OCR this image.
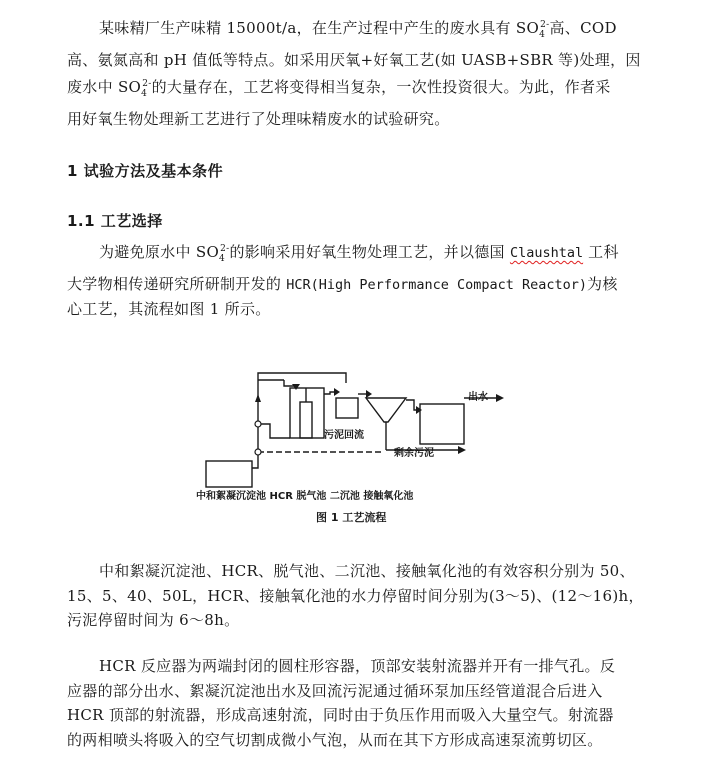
某味精厂生产味精 15000t/a，在生产过程中产生的废水具有 $SO_4^{2-}$高、COD
高、氨氮高和 pH 值低等特点。如采用厌氧+好氧工艺(如 UASB+SBR 等)处理，因
废水中 $SO_4^{2-}$的大量存在，工艺将变得相当复杂，一次性投资很大。为此，作者采
用好氧生物处理新工艺进行了处理味精废水的试验研究。

1 试验方法及基本条件
1.1 工艺选择

为避免原水中 $SO_4^{2-}$的影响采用好氧生物处理工艺，并以德国 Claushtal 工科
大学物相传递研究所研制开发的 HCR(High Performance Compact Reactor)为核
心工艺，其流程如图 1 所示。

出水
污泥回流
剩余污泥
中和絮凝沉淀池 HCR 脱气池 二沉池 接触氧化池
图 1 工艺流程

中和絮凝沉淀池、HCR、脱气池、二沉池、接触氧化池的有效容积分别为 50、
15、5、40、50L，HCR、接触氧化池的水力停留时间分别为(3～5)、(12～16)h，
污泥停留时间为 6～8h。

HCR 反应器为两端封闭的圆柱形容器，顶部安装射流器并开有一排气孔。反
应器的部分出水、絮凝沉淀池出水及回流污泥通过循环泵加压经管道混合后进入
HCR 顶部的射流器，形成高速射流，同时由于负压作用而吸入大量空气。射流器
的两相喷头将吸入的空气切割成微小气泡，从而在其下方形成高速泵流剪切区。
